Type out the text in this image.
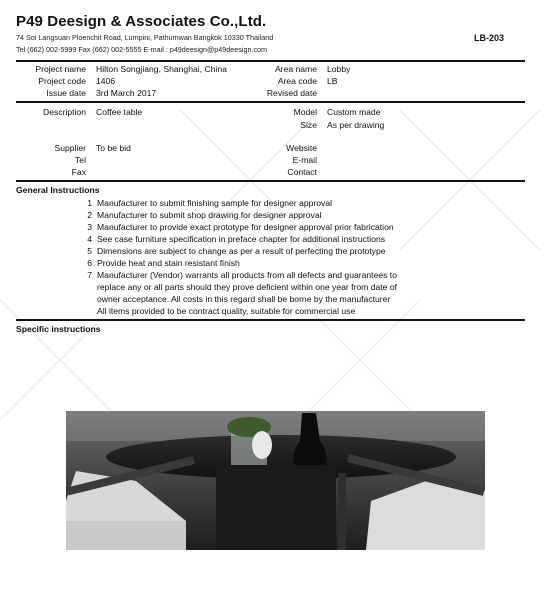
P49 Deesign & Associates Co.,Ltd.
74 Soi Langsuan Ploenchit Road, Lumpini, Pathumwan Bangkok 10330 Thailand
Tel (662) 002-5999 Fax (662) 002-5555 E-mail : p49deesign@p49deesign.com
LB-203
Project name Hilton Songjiang, Shanghai, China
Project code 1406
Issue date 3rd March 2017
Area name Lobby
Area code LB
Revised date
Description Coffee table	Model Custom made
Size As per drawing
Supplier To be bid
Tel
Fax
Website
E-mail
Contact
General Instructions
1 Manufacturer to submit finishing sample for designer approval
2 Manufacturer to submit shop drawing for designer approval
3 Manufacturer to provide exact prototype for designer approval prior fabrication
4 See case furniture specification in preface chapter for additional instructions
5 Dimensions are subject to change as per a result of perfecting the prototype
6 Provide heat and stain resistant finish
7 Manufacturer (Vendor) warrants all products from all defects and guarantees to
replace any or all parts should they prove deficient within one year from date of
owner acceptance. All costs in this regard shall be borne by the manufacturer
All items provided to be contract quality, suitable for commercial use
Specific instructions
